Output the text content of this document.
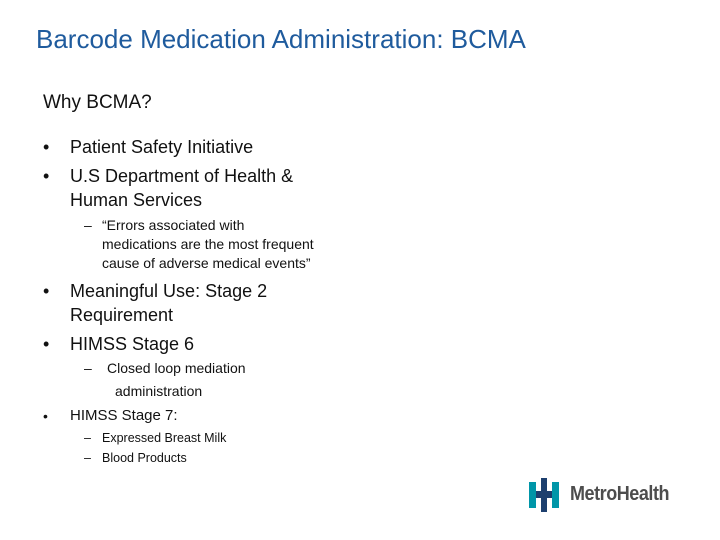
Barcode Medication Administration: BCMA
Why BCMA?
• Patient Safety Initiative
• U.S Department of Health &
Human Services
– “Errors associated with
medications are the most frequent
cause of adverse medical events”
• Meaningful Use: Stage 2
Requirement
• HIMSS Stage 6
– Closed loop mediation
administration
• HIMSS Stage 7:
– Expressed Breast Milk
– Blood Products
MetroHealth
